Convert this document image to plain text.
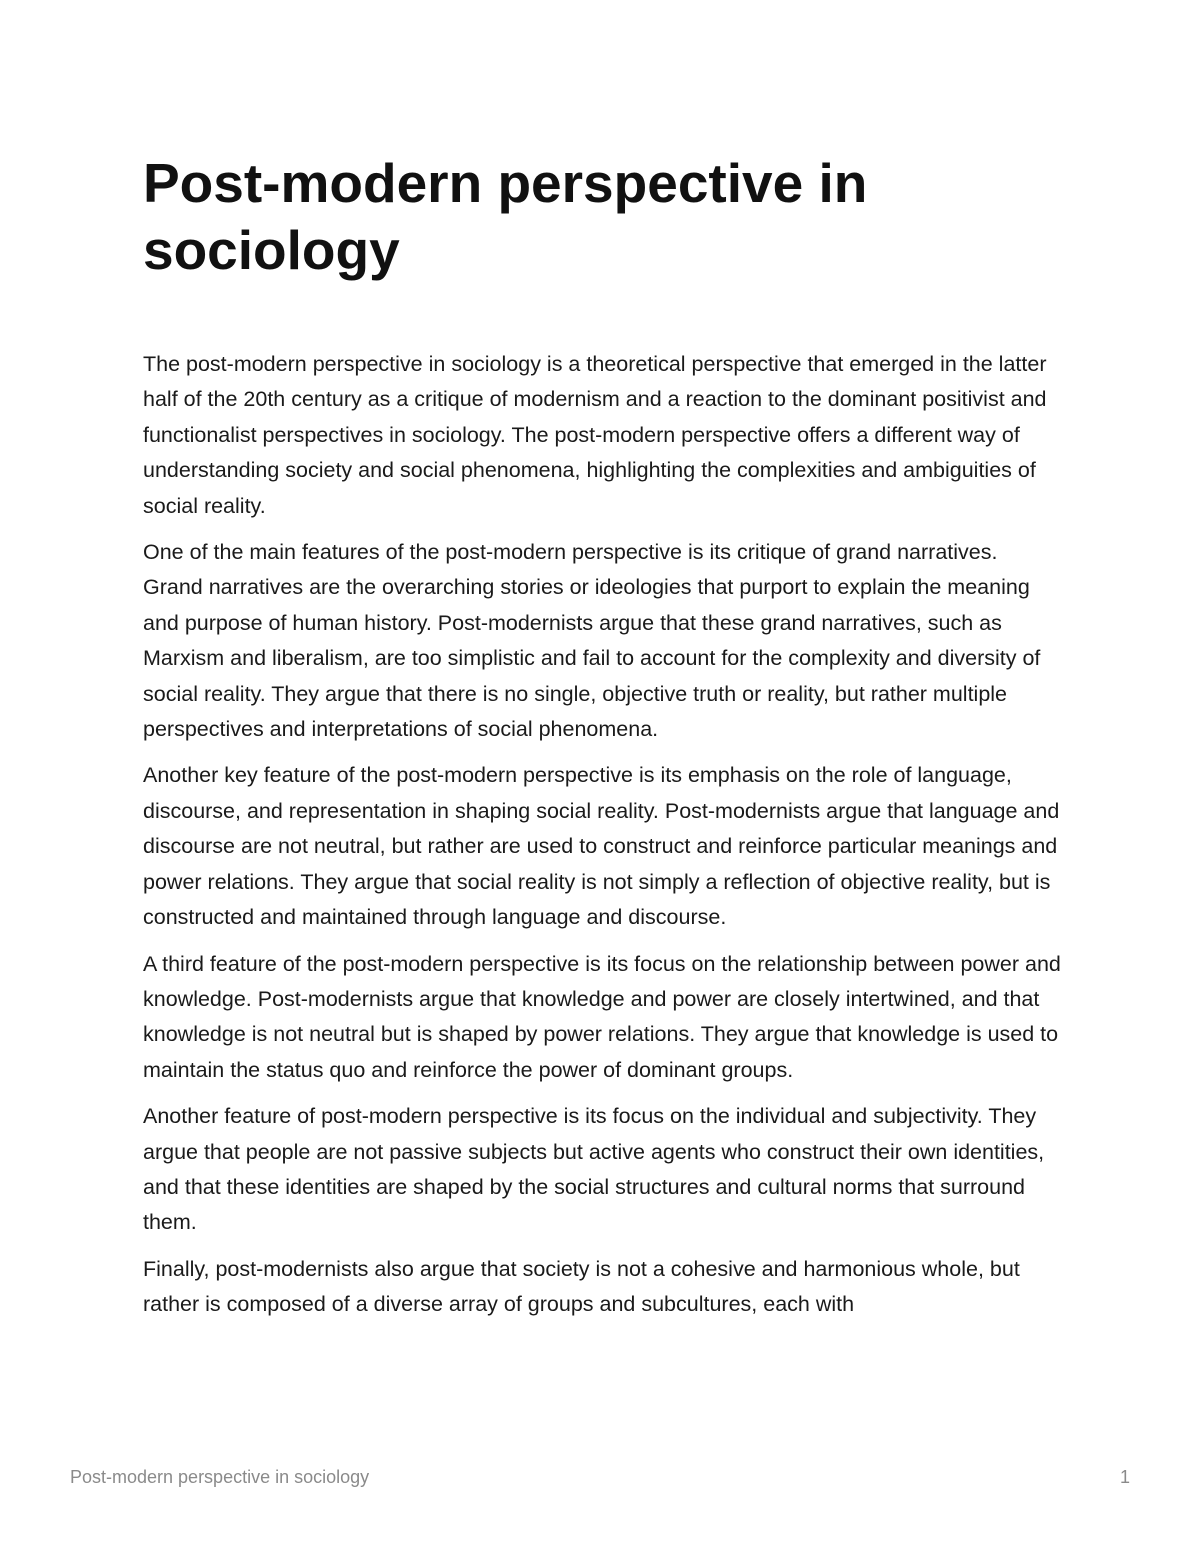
Post-modern perspective in sociology

The post-modern perspective in sociology is a theoretical perspective that emerged in the latter half of the 20th century as a critique of modernism and a reaction to the dominant positivist and functionalist perspectives in sociology. The post-modern perspective offers a different way of understanding society and social phenomena, highlighting the complexities and ambiguities of social reality.

One of the main features of the post-modern perspective is its critique of grand narratives. Grand narratives are the overarching stories or ideologies that purport to explain the meaning and purpose of human history. Post-modernists argue that these grand narratives, such as Marxism and liberalism, are too simplistic and fail to account for the complexity and diversity of social reality. They argue that there is no single, objective truth or reality, but rather multiple perspectives and interpretations of social phenomena.

Another key feature of the post-modern perspective is its emphasis on the role of language, discourse, and representation in shaping social reality. Post-modernists argue that language and discourse are not neutral, but rather are used to construct and reinforce particular meanings and power relations. They argue that social reality is not simply a reflection of objective reality, but is constructed and maintained through language and discourse.

A third feature of the post-modern perspective is its focus on the relationship between power and knowledge. Post-modernists argue that knowledge and power are closely intertwined, and that knowledge is not neutral but is shaped by power relations. They argue that knowledge is used to maintain the status quo and reinforce the power of dominant groups.

Another feature of post-modern perspective is its focus on the individual and subjectivity. They argue that people are not passive subjects but active agents who construct their own identities, and that these identities are shaped by the social structures and cultural norms that surround them.

Finally, post-modernists also argue that society is not a cohesive and harmonious whole, but rather is composed of a diverse array of groups and subcultures, each with

Post-modern perspective in sociology	1
